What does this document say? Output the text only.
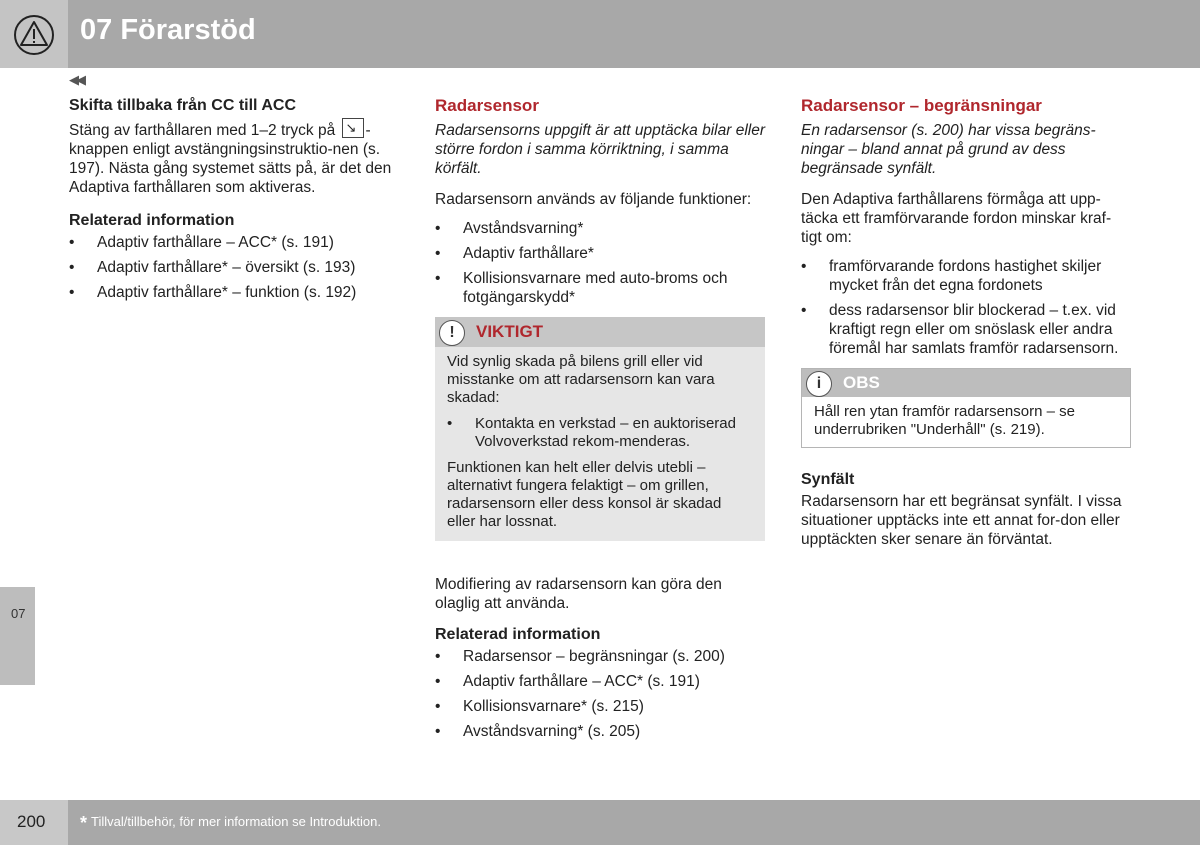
07 Förarstöd
◀◀
Skifta tillbaka från CC till ACC

Stäng av farthållaren med 1–2 tryck på ↘ -knappen enligt avstängningsinstruktio-nen (s. 197). Nästa gång systemet sätts på, är det den Adaptiva farthållaren som aktiveras.

Relaterad information
• Adaptiv farthållare – ACC* (s. 191)
• Adaptiv farthållare* – översikt (s. 193)
• Adaptiv farthållare* – funktion (s. 192)
Radarsensor

Radarsensorns uppgift är att upptäcka bilar eller större fordon i samma körriktning, i samma körfält.

Radarsensorn används av följande funktioner:

• Avståndsvarning*
• Adaptiv farthållare*
• Kollisionsvarnare med auto-broms och fotgängarskydd*
!	VIKTIGT
Vid synlig skada på bilens grill eller vid misstanke om att radarsensorn kan vara skadad:
• Kontakta en verkstad – en auktoriserad Volvoverkstad rekom-menderas.
Funktionen kan helt eller delvis utebli – alternativt fungera felaktigt – om grillen, radarsensorn eller dess konsol är skadad eller har lossnat.

Modifiering av radarsensorn kan göra den olaglig att använda.

Relaterad information
• Radarsensor – begränsningar (s. 200)
• Adaptiv farthållare – ACC* (s. 191)
• Kollisionsvarnare* (s. 215)
• Avståndsvarning* (s. 205)
Radarsensor – begränsningar

En radarsensor (s. 200) har vissa begräns-ningar – bland annat på grund av dess begränsade synfält.

Den Adaptiva farthållarens förmåga att upp-täcka ett framförvarande fordon minskar kraf-tigt om:

• framförvarande fordons hastighet skiljer mycket från det egna fordonets
• dess radarsensor blir blockerad – t.ex. vid kraftigt regn eller om snöslask eller andra föremål har samlats framför radarsensorn.
i	OBS
Håll ren ytan framför radarsensorn – se underrubriken "Underhåll" (s. 219).
Synfält

Radarsensorn har ett begränsat synfält. I vissa situationer upptäcks inte ett annat for-don eller upptäckten sker senare än förväntat.

07
200 * Tillval/tillbehör, för mer information se Introduktion.
